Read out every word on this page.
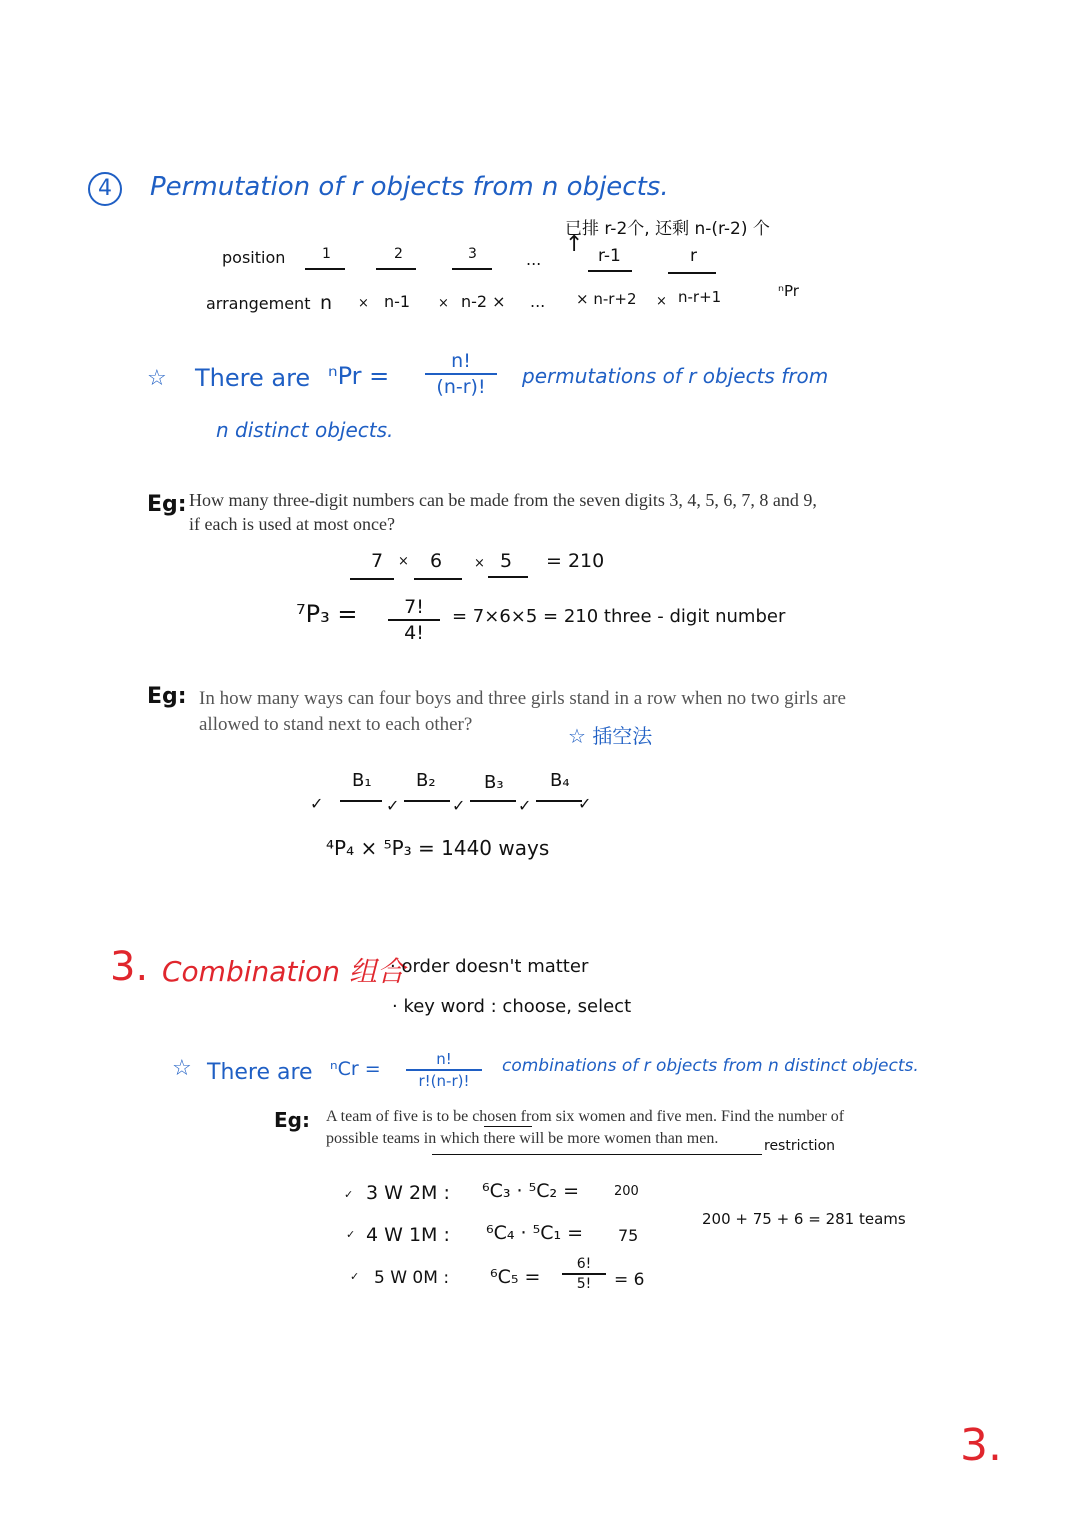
4	Permutation of r objects from n objects.
已排 r-2个, 还剩 n-(r-2) 个
↑
position	1	2	3	...	r-1	r
arrangement n × n-1 × n-2 × ... × n-r+2 × n-r+1	ⁿPr
☆ There are ⁿPr =
n!
(n-r)!	permutations of r objects from
n distinct objects.
Eg: How many three-digit numbers can be made from the seven digits 3, 4, 5, 6, 7, 8 and 9,
if each is used at most once?
7 × 6 × 5 = 210
⁷P₃ =	7!
4!
= 7×6×5 = 210 three - digit number
Eg: In how many ways can four boys and three girls stand in a row when no two girls are
allowed to stand next to each other?	☆ 插空法
B₁ B₂	B₃	B₄
✓	✓	✓	✓	✓
⁴P₄ × ⁵P₃ = 1440 ways
3. Combination 组合
· order doesn't matter
· key word : choose, select
☆ There are ⁿCr =	n!
r!(n-r)!
combinations of r objects from n distinct objects.
Eg: A team of five is to be chosen from six women and five men. Find the number of
possible teams in which there will be more women than men.	restriction
✓ 3 W 2M : ⁶C₃ · ⁵C₂ =	200
✓ 4 W 1M : ⁶C₄ · ⁵C₁ = 75
✓ 5 W 0M : ⁶C₅ =
6!
5!	= 6
200 + 75 + 6 = 281 teams
3.
